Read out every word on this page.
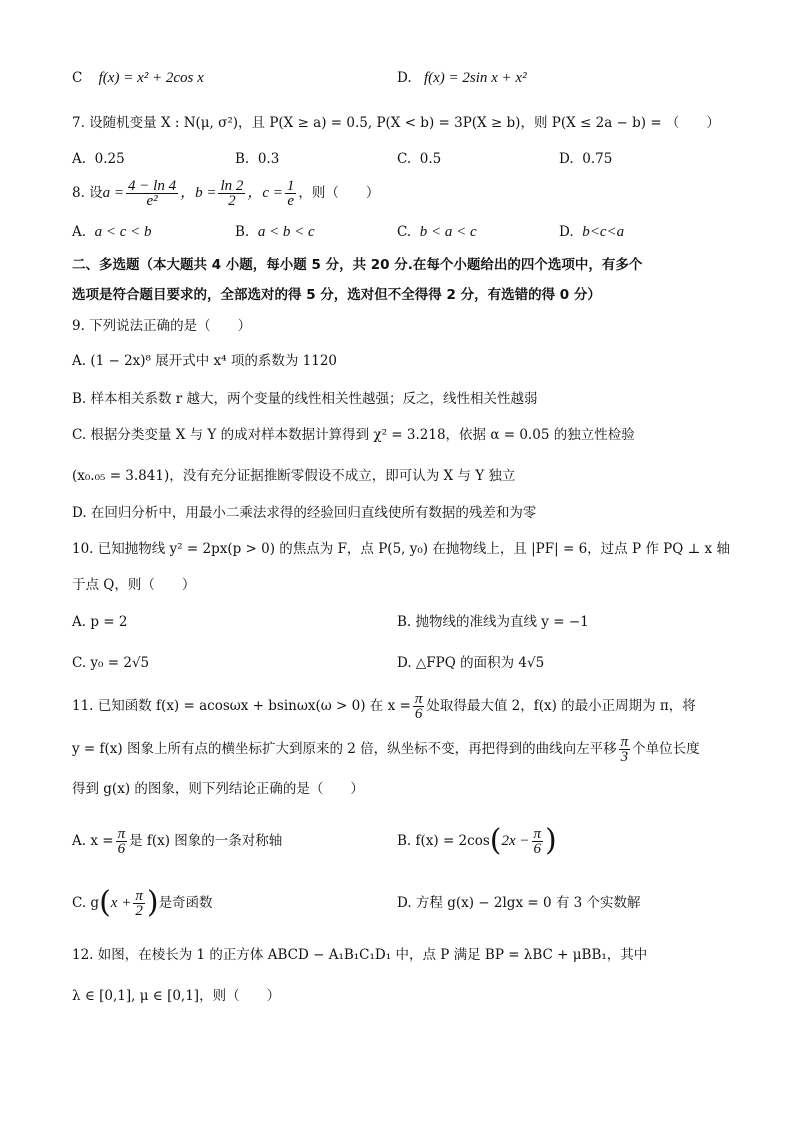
C f(x) = x² + 2cos x	D. f(x) = 2sin x + x²
7. 设随机变量 X : N(μ, σ²)，且 P(X ≥ a) = 0.5, P(X < b) = 3P(X ≥ b)，则 P(X ≤ 2a − b) = （　　）
A. 0.25	B. 0.3	C. 0.5	D. 0.75
8. 设 $a = \frac{4 - \ln 4}{\text{e²}}$ ，$b = \frac{\ln 2}{2}$ ，$c = \frac{1}{e}$ ，则（　　）
A. a < c < b	B. a < b < c	C. b < a < c	D. b<c<a
二、多选题（本大题共 4 小题，每小题 5 分，共 20 分.在每个小题给出的四个选项中，有多个
选项是符合题目要求的，全部选对的得 5 分，选对但不全得得 2 分，有选错的得 0 分）
9. 下列说法正确的是（　　）
A. (1 − 2x)⁸ 展开式中 x⁴ 项的系数为 1120
B. 样本相关系数 r 越大，两个变量的线性相关性越强；反之，线性相关性越弱
C. 根据分类变量 X 与 Y 的成对样本数据计算得到 χ² = 3.218，依据 α = 0.05 的独立性检验
(x₀.₀₅ = 3.841)，没有充分证据推断零假设不成立，即可认为 X 与 Y 独立
D. 在回归分析中，用最小二乘法求得的经验回归直线使所有数据的残差和为零
10. 已知抛物线 y² = 2px(p > 0) 的焦点为 F，点 P(5, y₀) 在抛物线上，且 |PF| = 6，过点 P 作 PQ ⊥ x 轴
于点 Q，则（　　）
A. p = 2	B. 抛物线的准线为直线 y = −1
C. y₀ = 2√5	D. △FPQ 的面积为 4√5
11. 已知函数 f(x) = acosωx + bsinωx(ω > 0) 在 $x = \frac{\pi}{6}$ 处取得最大值 2，f(x) 的最小正周期为 π，将
y = f(x) 图象上所有点的横坐标扩大到原来的 2 倍，纵坐标不变，再把得到的曲线向左平移 $\frac{\pi}{3}$ 个单位长度
得到 g(x) 的图象，则下列结论正确的是（　　）
A. $x = \frac{\pi}{6}$ 是 f(x) 图象的一条对称轴	B. f(x) = 2cos ( $2x - \frac{\pi}{6}$ )
C. g ( $x + \frac{\pi}{2}$ ) 是奇函数	D. 方程 g(x) − 2lgx = 0 有 3 个实数解
12. 如图，在棱长为 1 的正方体 ABCD − A₁B₁C₁D₁ 中，点 P 满足 BP = λBC + μBB₁，其中
λ ∈ [0,1], μ ∈ [0,1]，则（　　）
